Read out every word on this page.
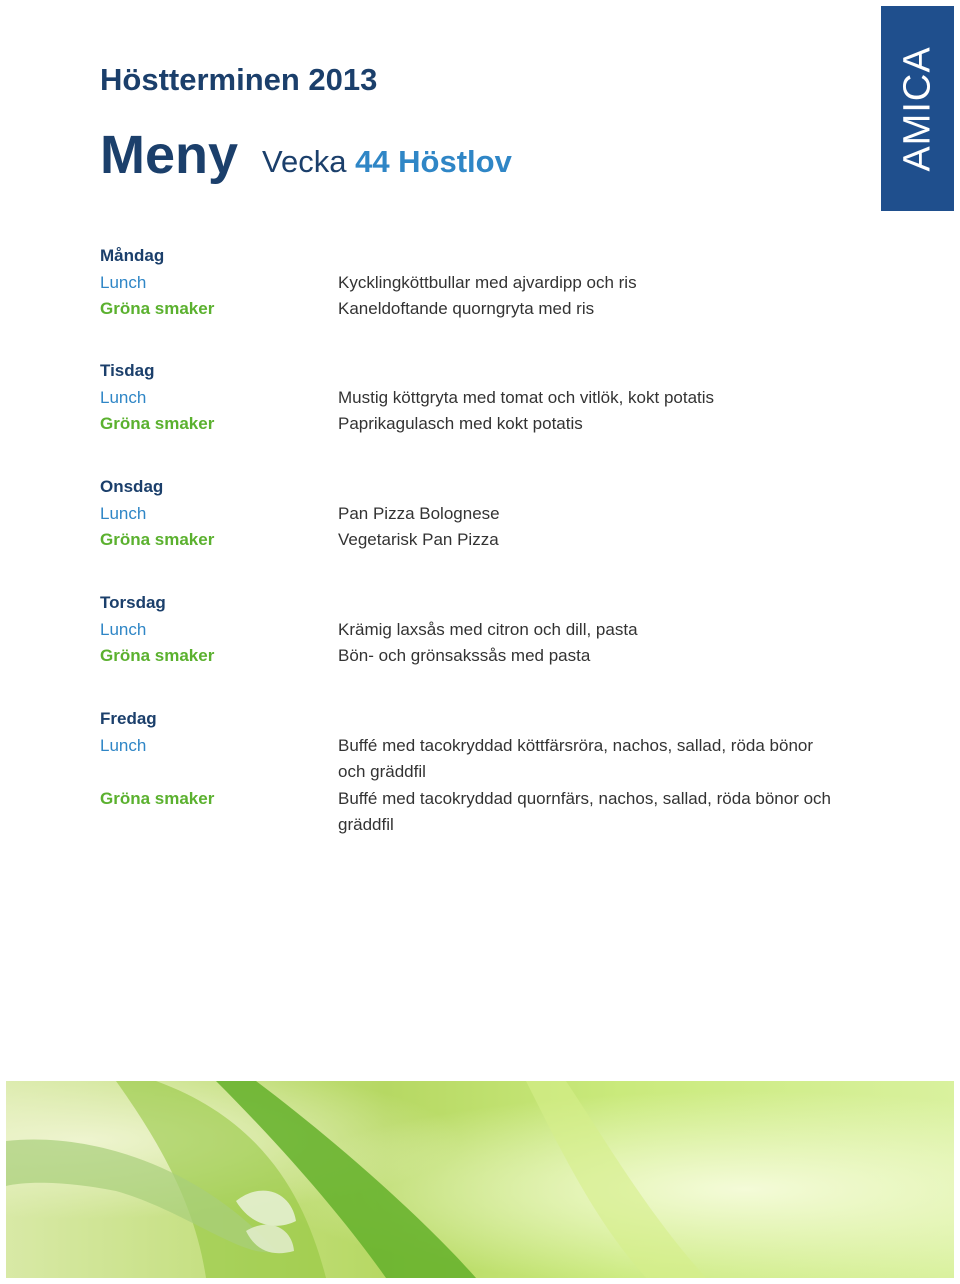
AMICA
Höstterminen 2013
Meny Vecka 44 Höstlov
Måndag
Lunch	Kycklingköttbullar med ajvardipp och ris
Gröna smaker	Kaneldoftande quorngryta med ris
Tisdag
Lunch	Mustig köttgryta med tomat och vitlök, kokt potatis
Gröna smaker	Paprikagulasch med kokt potatis
Onsdag
Lunch	Pan Pizza Bolognese
Gröna smaker	Vegetarisk Pan Pizza
Torsdag
Lunch	Krämig laxsås med citron och dill, pasta
Gröna smaker	Bön- och grönsakssås med pasta
Fredag
Lunch	Buffé med tacokryddad köttfärsröra, nachos, sallad, röda bönor och gräddfil
Gröna smaker	Buffé med tacokryddad quornfärs, nachos, sallad, röda bönor och gräddfil
